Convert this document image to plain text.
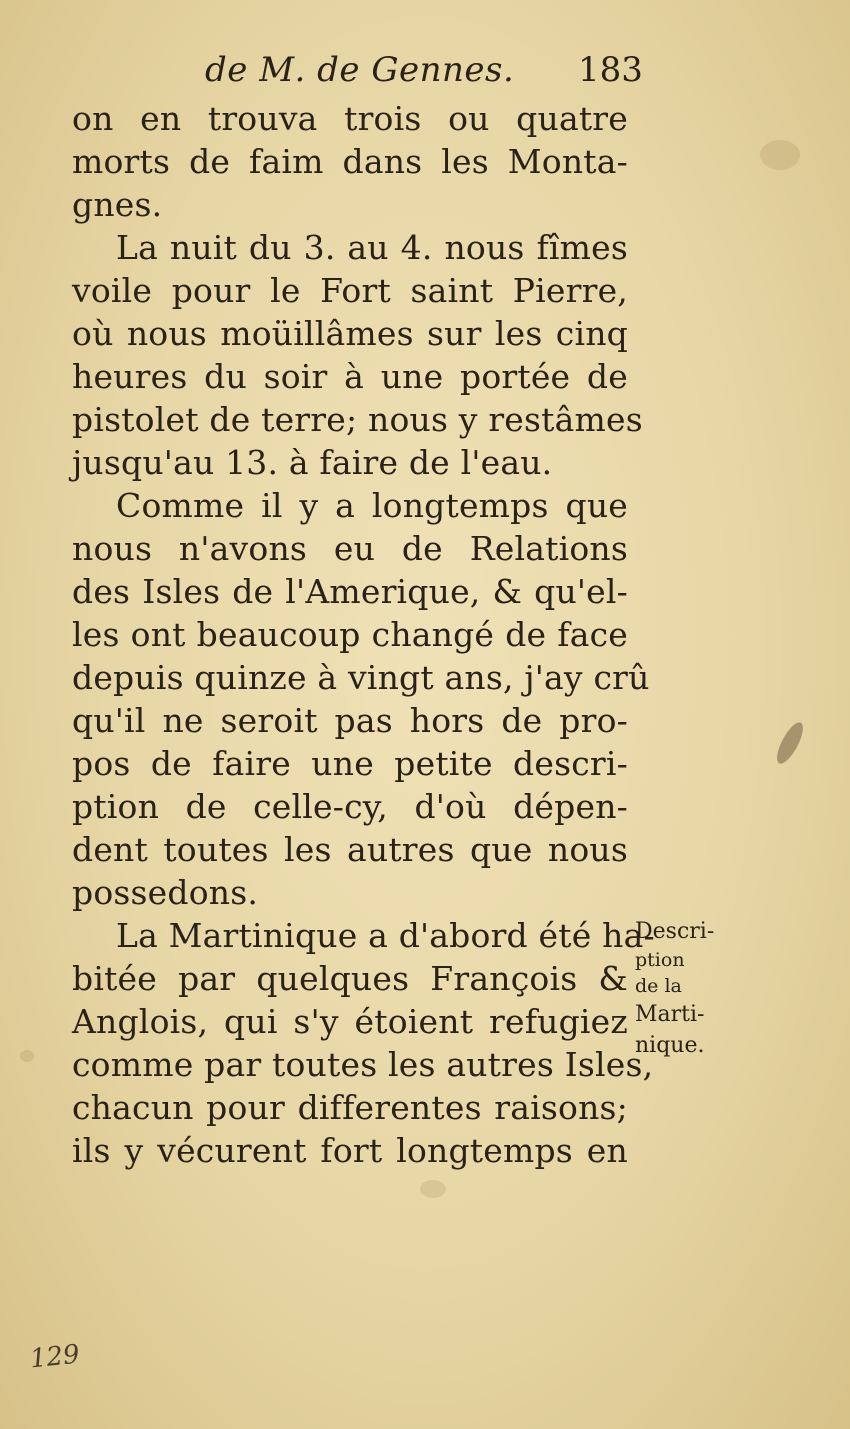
de M. de Gennes. 183
on en trouva trois ou quatre
morts de faim dans les Monta-
gnes.
La nuit du 3. au 4. nous fîmes
voile pour le Fort saint Pierre,
où nous moüillâmes sur les cinq
heures du soir à une portée de
pistolet de terre; nous y restâmes
jusqu'au 13. à faire de l'eau.
Comme il y a longtemps que
nous n'avons eu de Relations
des Isles de l'Amerique, & qu'el-
les ont beaucoup changé de face
depuis quinze à vingt ans, j'ay crû
qu'il ne seroit pas hors de pro-
pos de faire une petite descri-
ption de celle-cy, d'où dépen-
dent toutes les autres que nous
possedons.
La Martinique a d'abord été ha-
bitée par quelques François &
Anglois, qui s'y étoient refugiez
comme par toutes les autres Isles,
chacun pour differentes raisons;
ils y vécurent fort longtemps en
Descri-
ption
de la
Marti-
nique.
129
